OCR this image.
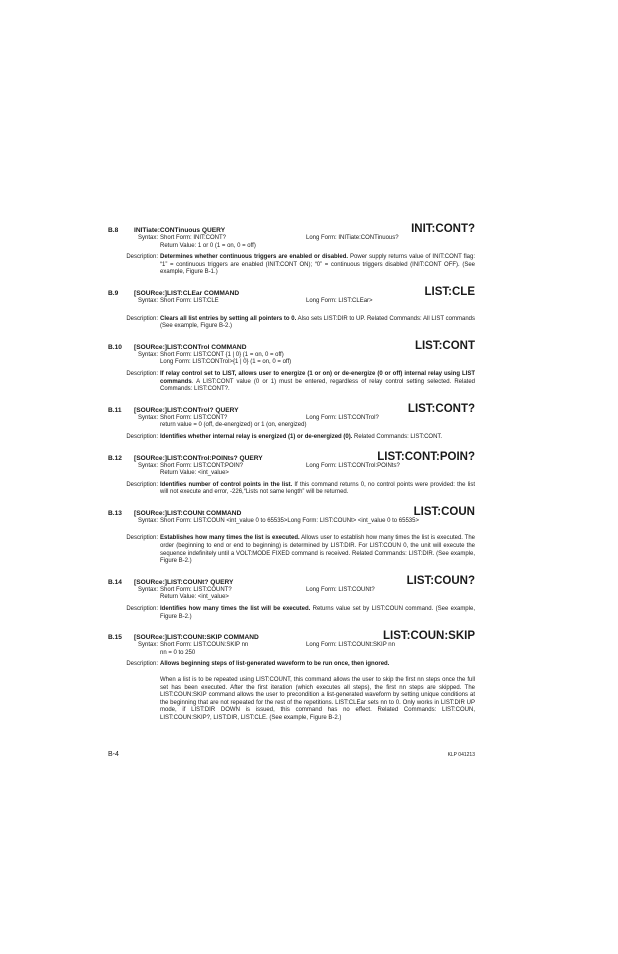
B.8	INITiate:CONTinuous QUERY	INIT:CONT?
Syntax: Short Form: INIT:CONT?	Long Form: INITiate:CONTinuous?
Return Value: 1 or 0 (1 = on, 0 = off)
Description: Determines whether continuous triggers are enabled or disabled. Power supply returns value of INIT:CONT flag: “1” = continuous triggers are enabled (INIT:CONT ON); “0” = continuous triggers disabled (INIT:CONT OFF). (See example, Figure B-1.)
B.9	[SOURce:]LIST:CLEar COMMAND	LIST:CLE
Syntax: Short Form: LIST:CLE	Long Form: LIST:CLEar>
Description: Clears all list entries by setting all pointers to 0. Also sets LIST:DIR to UP. Related Commands: All LIST commands (See example, Figure B-2.)
B.10	[SOURce:]LIST:CONTrol COMMAND	LIST:CONT
Syntax: Short Form: LIST:CONT {1 | 0} (1 = on, 0 = off)
Long Form: LIST:CONTrol>{1 | 0} (1 = on, 0 = off)
Description: If relay control set to LIST, allows user to energize (1 or on) or de-energize (0 or off) internal relay using LIST commands. A LIST:CONT value (0 or 1) must be entered, regardless of relay control setting selected. Related Commands: LIST:CONT?.
B.11	[SOURce:]LIST:CONTrol? QUERY	LIST:CONT?
Syntax: Short Form: LIST:CONT?	Long Form: LIST:CONTrol?
return value = 0 (off, de-energized) or 1 (on, energized)
Description: Identifies whether internal relay is energized (1) or de-energized (0). Related Commands: LIST:CONT.
B.12	[SOURce:]LIST:CONTrol:POINts? QUERY	LIST:CONT:POIN?
Syntax: Short Form: LIST:CONT:POIN?	Long Form: LIST:CONTrol:POINts?
Return Value: <int_value>
Description: Identifies number of control points in the list. If this command returns 0, no control points were provided: the list will not execute and error, -226,“Lists not same length” will be returned.
B.13	[SOURce:]LIST:COUNt COMMAND	LIST:COUN
Syntax: Short Form: LIST:COUN <int_value 0 to 65535>Long Form: LIST:COUNt> <int_value 0 to 65535>
Description: Establishes how many times the list is executed. Allows user to establish how many times the list is executed. The order (beginning to end or end to beginning) is determined by LIST:DIR. For LIST:COUN 0, the unit will execute the sequence indefinitely until a VOLT:MODE FIXED command is received. Related Commands: LIST:DIR. (See example, Figure B-2.)
B.14	[SOURce:]LIST:COUNt? QUERY	LIST:COUN?
Syntax: Short Form: LIST:COUNT?	Long Form: LIST:COUNt?
Return Value: <int_value>
Description: Identifies how many times the list will be executed. Returns value set by LIST:COUN command. (See example, Figure B-2.)
B.15	[SOURce:]LIST:COUNt:SKIP COMMAND	LIST:COUN:SKIP
Syntax: Short Form: LIST:COUN:SKIP nn	Long Form: LIST:COUNt:SKIP nn
nn = 0 to 250
Description: Allows beginning steps of list-generated waveform to be run once, then ignored.
When a list is to be repeated using LIST:COUNT, this command allows the user to skip the first nn steps once the full set has been executed. After the first iteration (which executes all steps), the first nn steps are skipped. The LIST:COUN:SKIP command allows the user to precondition a list-generated waveform by setting unique conditions at the beginning that are not repeated for the rest of the repetitions. LIST:CLEar sets nn to 0. Only works in LIST:DIR UP mode, if LIST:DIR DOWN is issued, this command has no effect. Related Commands: LIST:COUN, LIST:COUN:SKIP?, LIST:DIR, LIST:CLE. (See example, Figure B-2.)
B-4	KLP 041213
